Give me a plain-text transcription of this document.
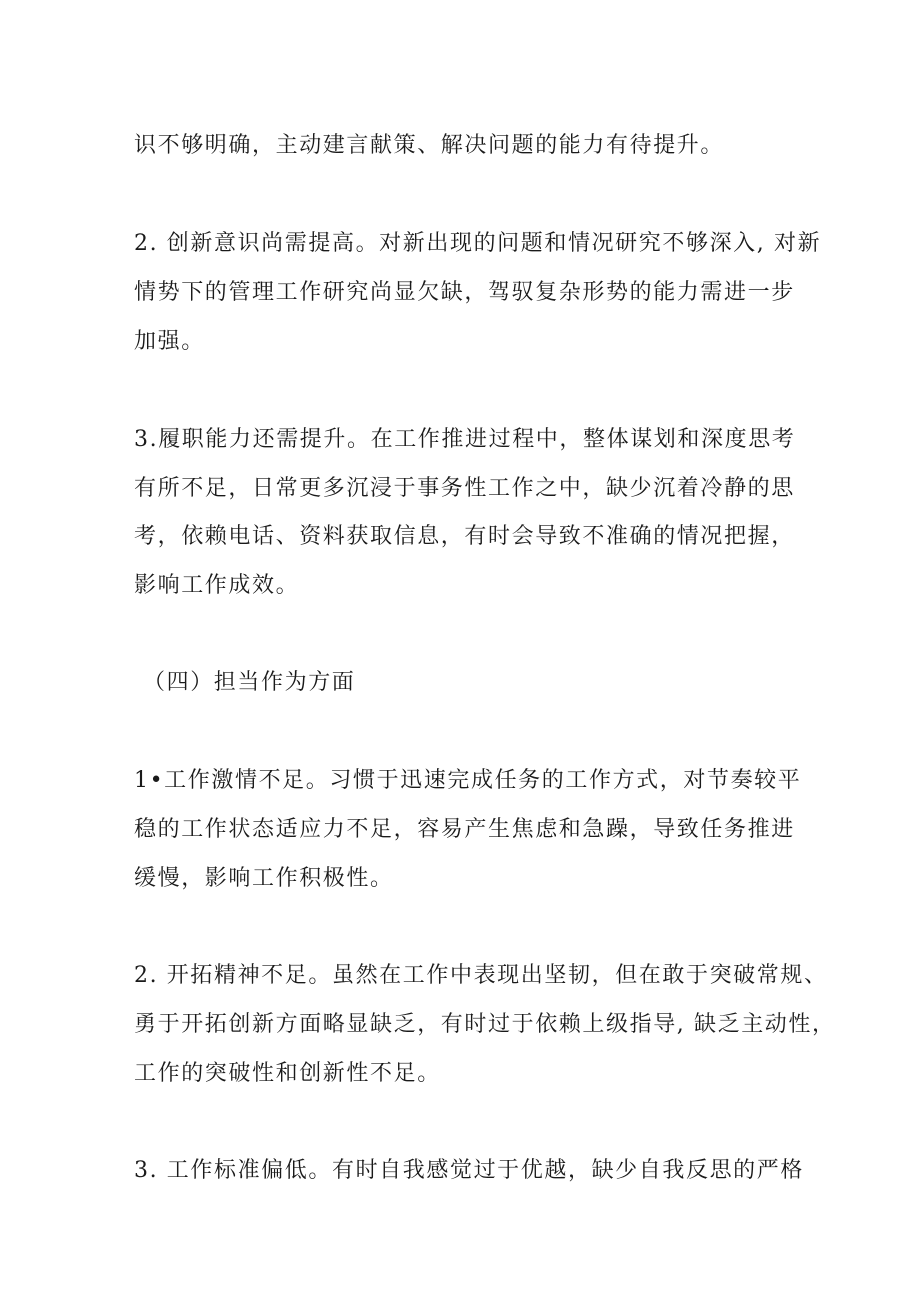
识不够明确，主动建言献策、解决问题的能力有待提升。
2. 创新意识尚需提高。对新出现的问题和情况研究不够深入, 对新
情势下的管理工作研究尚显欠缺，驾驭复杂形势的能力需进一步
加强。
3.履职能力还需提升。在工作推进过程中，整体谋划和深度思考
有所不足，日常更多沉浸于事务性工作之中，缺少沉着冷静的思
考，依赖电话、资料获取信息，有时会导致不准确的情况把握，
影响工作成效。
（四）担当作为方面
1•工作激情不足。习惯于迅速完成任务的工作方式，对节奏较平
稳的工作状态适应力不足，容易产生焦虑和急躁，导致任务推进
缓慢，影响工作积极性。
2. 开拓精神不足。虽然在工作中表现出坚韧，但在敢于突破常规、
勇于开拓创新方面略显缺乏，有时过于依赖上级指导, 缺乏主动性，
工作的突破性和创新性不足。
3. 工作标准偏低。有时自我感觉过于优越，缺少自我反思的严格
